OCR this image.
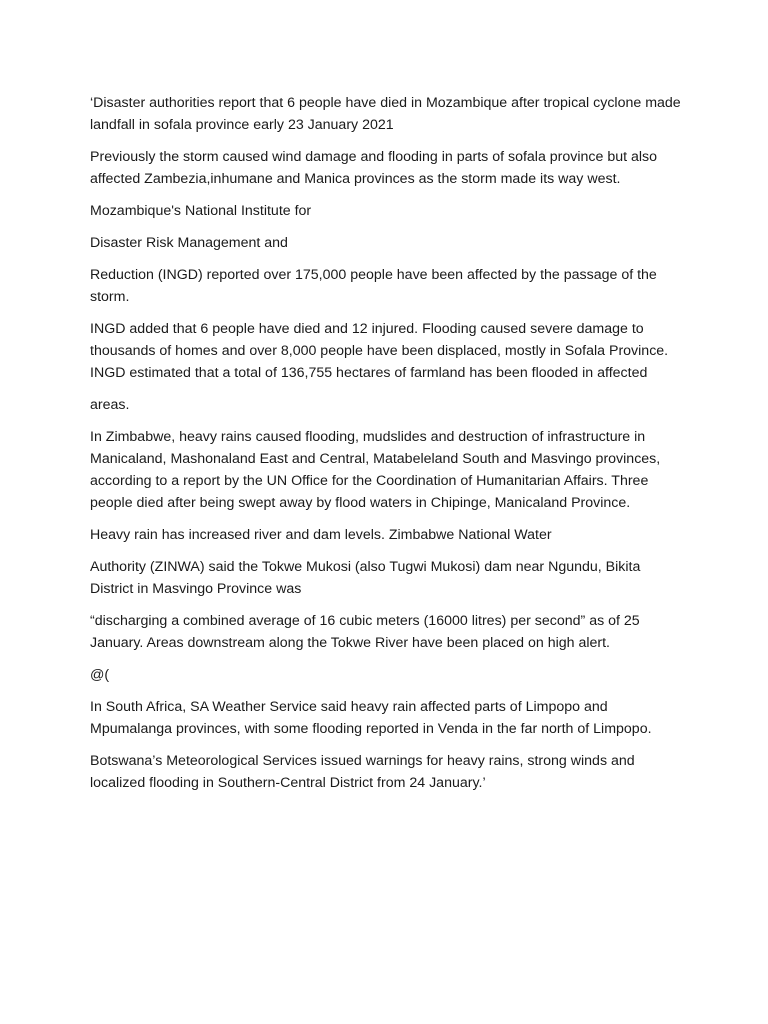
‘Disaster authorities report that 6 people have died in Mozambique after tropical cyclone made landfall in sofala province early 23 January 2021

Previously the storm caused wind damage and flooding in parts of sofala province but also affected Zambezia,inhumane and Manica provinces as the storm made its way west.

Mozambique's National Institute for

Disaster Risk Management and

Reduction (INGD) reported over 175,000 people have been affected by the passage of the storm.

INGD added that 6 people have died and 12 injured. Flooding caused severe damage to thousands of homes and over 8,000 people have been displaced, mostly in Sofala Province. INGD estimated that a total of 136,755 hectares of farmland has been flooded in affected

areas.

In Zimbabwe, heavy rains caused flooding, mudslides and destruction of infrastructure in Manicaland, Mashonaland East and Central, Matabeleland South and Masvingo provinces, according to a report by the UN Office for the Coordination of Humanitarian Affairs. Three people died after being swept away by flood waters in Chipinge, Manicaland Province.

Heavy rain has increased river and dam levels. Zimbabwe National Water

Authority (ZINWA) said the Tokwe Mukosi (also Tugwi Mukosi) dam near Ngundu, Bikita District in Masvingo Province was

“discharging a combined average of 16 cubic meters (16000 litres) per second” as of 25 January. Areas downstream along the Tokwe River have been placed on high alert.

@(

In South Africa, SA Weather Service said heavy rain affected parts of Limpopo and Mpumalanga provinces, with some flooding reported in Venda in the far north of Limpopo.

Botswana’s Meteorological Services issued warnings for heavy rains, strong winds and localized flooding in Southern-Central District from 24 January.’
